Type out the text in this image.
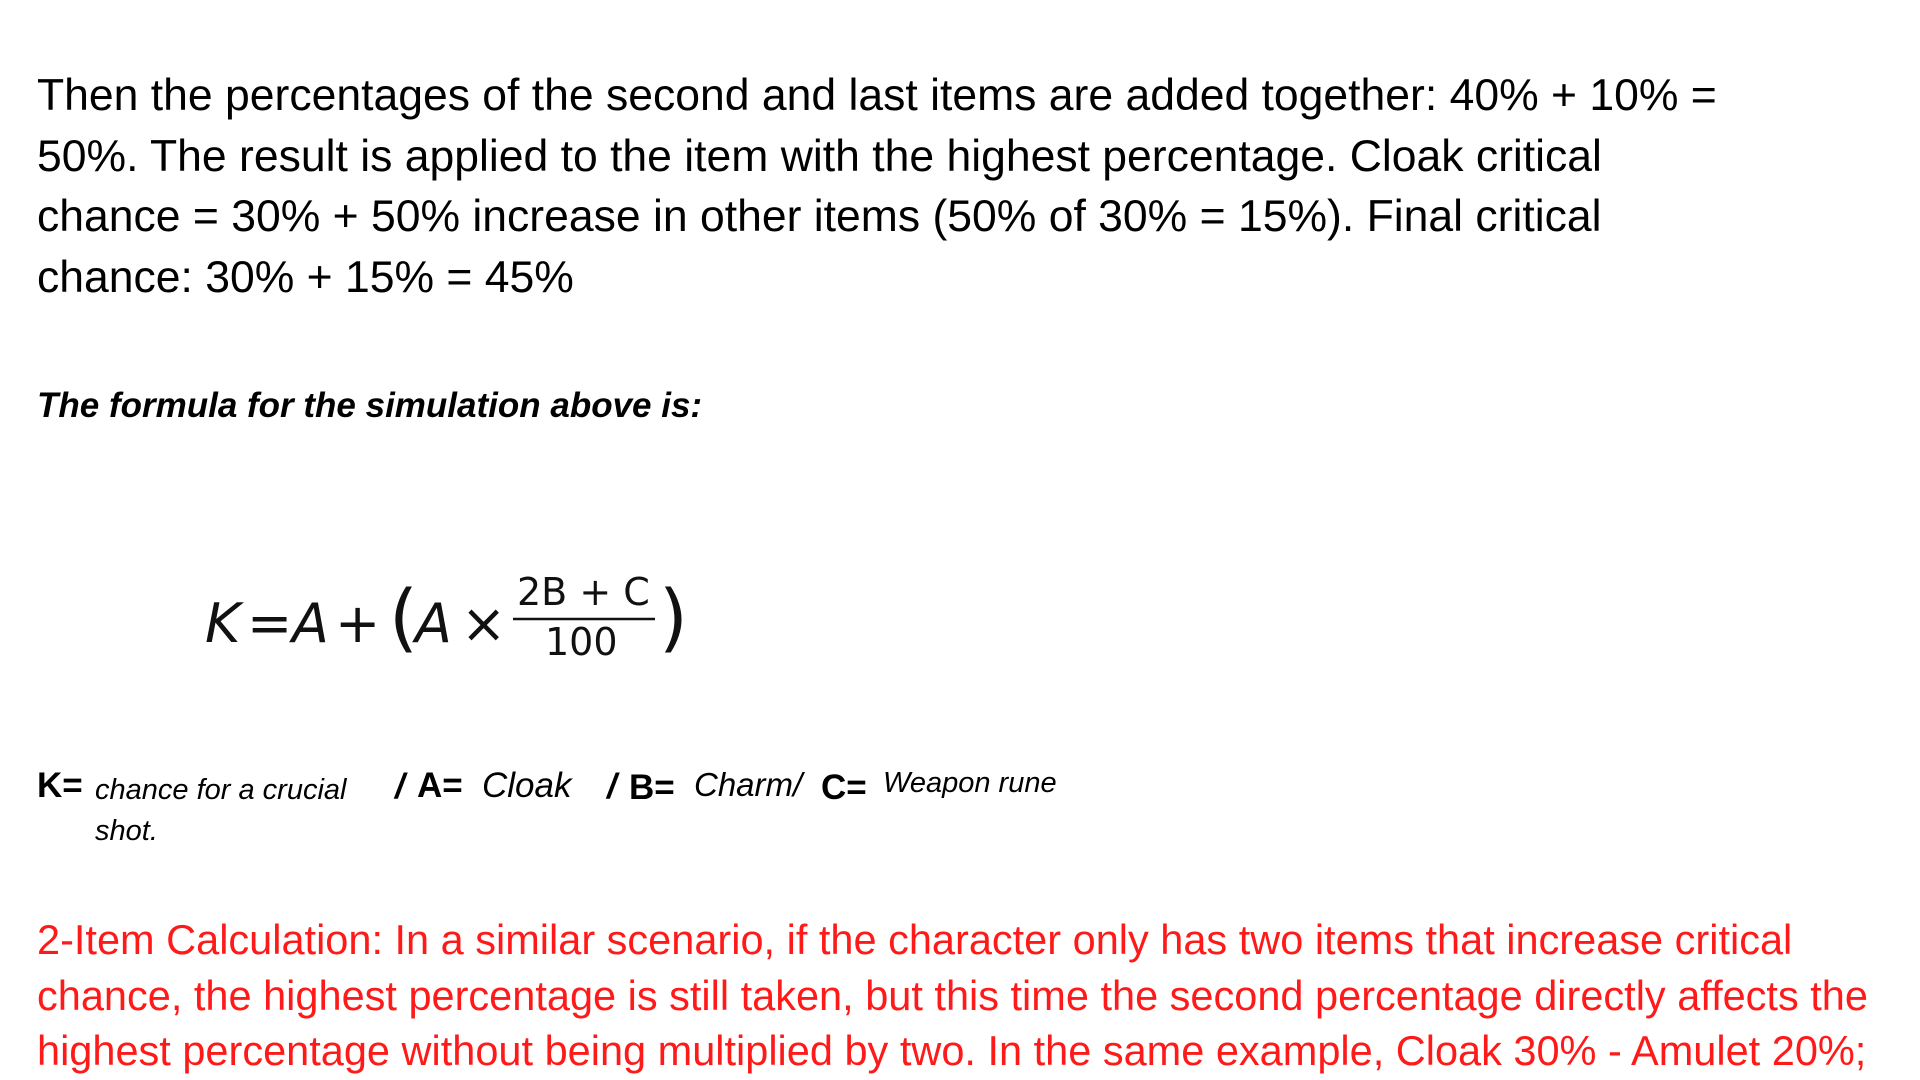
Then the percentages of the second and last items are added together: 40% + 10% =
50%. The result is applied to the item with the highest percentage. Cloak critical
chance = 30% + 50% increase in other items (50% of 30% = 15%). Final critical
chance: 30% + 15% = 45%
The formula for the simulation above is:
K = A + (
A × 2B + C
100 )
K= chance for a crucial
shot.
/ A= Cloak / B= Charm/ C= Weapon rune
2-Item Calculation: In a similar scenario, if the character only has two items that increase critical
chance, the highest percentage is still taken, but this time the second percentage directly affects the
highest percentage without being multiplied by two. In the same example, Cloak 30% - Amulet 20%;
